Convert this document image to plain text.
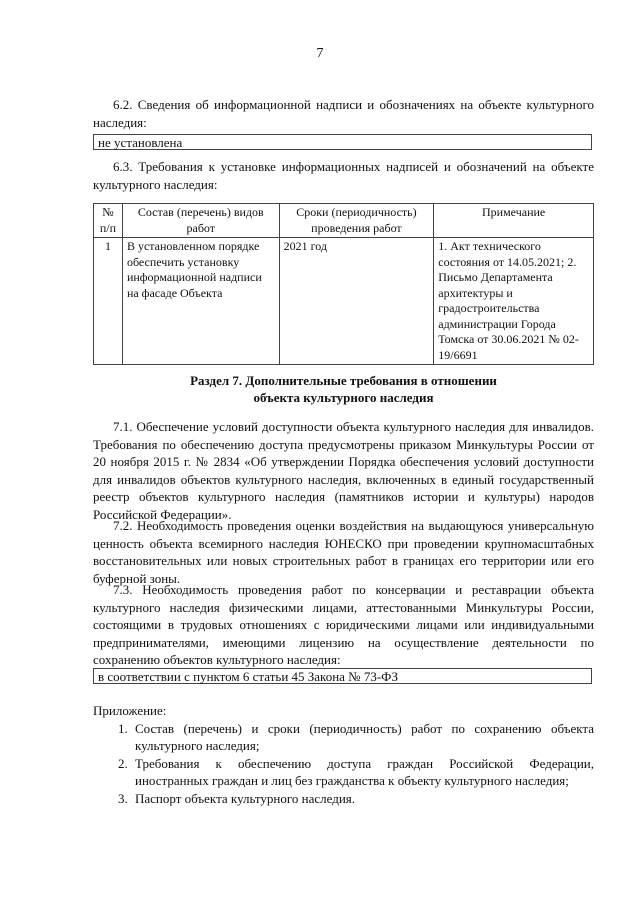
7
6.2. Сведения об информационной надписи и обозначениях на объекте культурного наследия:
не установлена
6.3. Требования к установке информационных надписей и обозначений на объекте культурного наследия:
№ п/п	Состав (перечень) видов работ	Сроки (периодичность) проведения работ	Примечание
1	В установленном порядке обеспечить установку информационной надписи на фасаде Объекта	2021 год	1. Акт технического состояния от 14.05.2021; 2. Письмо Департамента архитектуры и градостроительства администрации Города Томска от 30.06.2021 № 02-19/6691
Раздел 7. Дополнительные требования в отношении
объекта культурного наследия
7.1. Обеспечение условий доступности объекта культурного наследия для инвалидов. Требования по обеспечению доступа предусмотрены приказом Минкультуры России от 20 ноября 2015 г. № 2834 «Об утверждении Порядка обеспечения условий доступности для инвалидов объектов культурного наследия, включенных в единый государственный реестр объектов культурного наследия (памятников истории и культуры) народов Российской Федерации».
7.2. Необходимость проведения оценки воздействия на выдающуюся универсальную ценность объекта всемирного наследия ЮНЕСКО при проведении крупномасштабных восстановительных или новых строительных работ в границах его территории или его буферной зоны.
7.3. Необходимость проведения работ по консервации и реставрации объекта культурного наследия физическими лицами, аттестованными Минкультуры России, состоящими в трудовых отношениях с юридическими лицами или индивидуальными предпринимателями, имеющими лицензию на осуществление деятельности по сохранению объектов культурного наследия:
в соответствии с пунктом 6 статьи 45 Закона № 73-ФЗ
Приложение:
1. Состав (перечень) и сроки (периодичность) работ по сохранению объекта культурного наследия;
2. Требования к обеспечению доступа граждан Российской Федерации, иностранных граждан и лиц без гражданства к объекту культурного наследия;
3. Паспорт объекта культурного наследия.
